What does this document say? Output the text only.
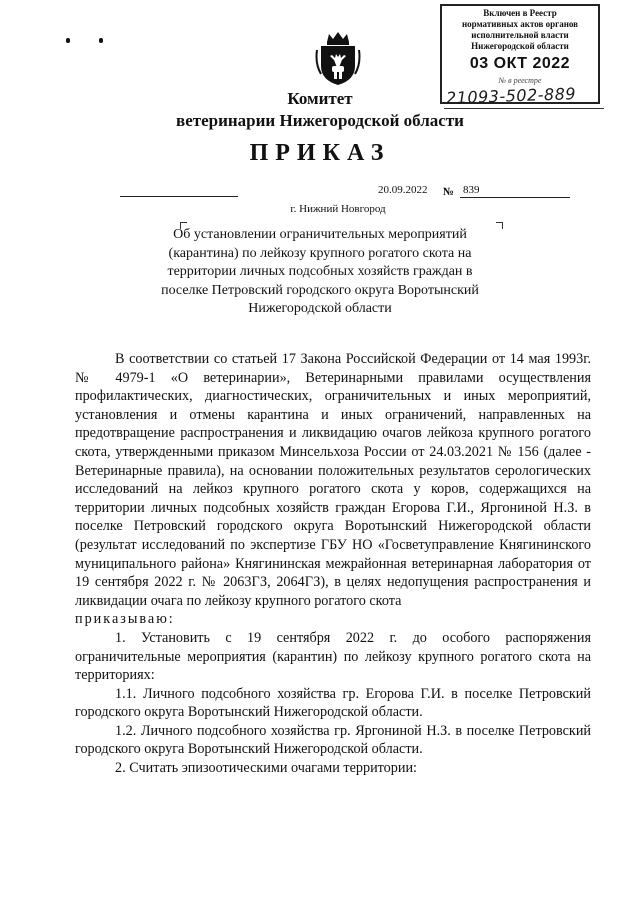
Включен в Реестр
нормативных актов органов
исполнительной власти
Нижегородской области
03 ОКТ 2022
№ в реестре
21093-502-889
Комитет
ветеринарии Нижегородской области
ПРИКАЗ
20.09.2022 № 839
г. Нижний Новгород
Об установлении ограничительных мероприятий (карантина) по лейкозу крупного рогатого скота на территории личных подсобных хозяйств граждан в поселке Петровский городского округа Воротынский Нижегородской области

В соответствии со статьей 17 Закона Российской Федерации от 14 мая 1993г. № 4979-1 «О ветеринарии», Ветеринарными правилами осуществления профилактических, диагностических, ограничительных и иных мероприятий, установления и отмены карантина и иных ограничений, направленных на предотвращение распространения и ликвидацию очагов лейкоза крупного рогатого скота, утвержденными приказом Минсельхоза России от 24.03.2021 № 156 (далее - Ветеринарные правила), на основании положительных результатов серологических исследований на лейкоз крупного рогатого скота у коров, содержащихся на территории личных подсобных хозяйств граждан Егорова Г.И., Яргониной Н.З. в поселке Петровский городского округа Воротынский Нижегородской области (результат исследований по экспертизе ГБУ НО «Госветуправление Княгининского муниципального района» Княгининская межрайонная ветеринарная лаборатория от 19 сентября 2022 г. № 2063ГЗ, 2064ГЗ), в целях недопущения распространения и ликвидации очага по лейкозу крупного рогатого скота

приказываю:

1. Установить с 19 сентября 2022 г. до особого распоряжения ограничительные мероприятия (карантин) по лейкозу крупного рогатого скота на территориях:

1.1. Личного подсобного хозяйства гр. Егорова Г.И. в поселке Петровский городского округа Воротынский Нижегородской области.

1.2. Личного подсобного хозяйства гр. Яргониной Н.З. в поселке Петровский городского округа Воротынский Нижегородской области.

2. Считать эпизоотическими очагами территории:
